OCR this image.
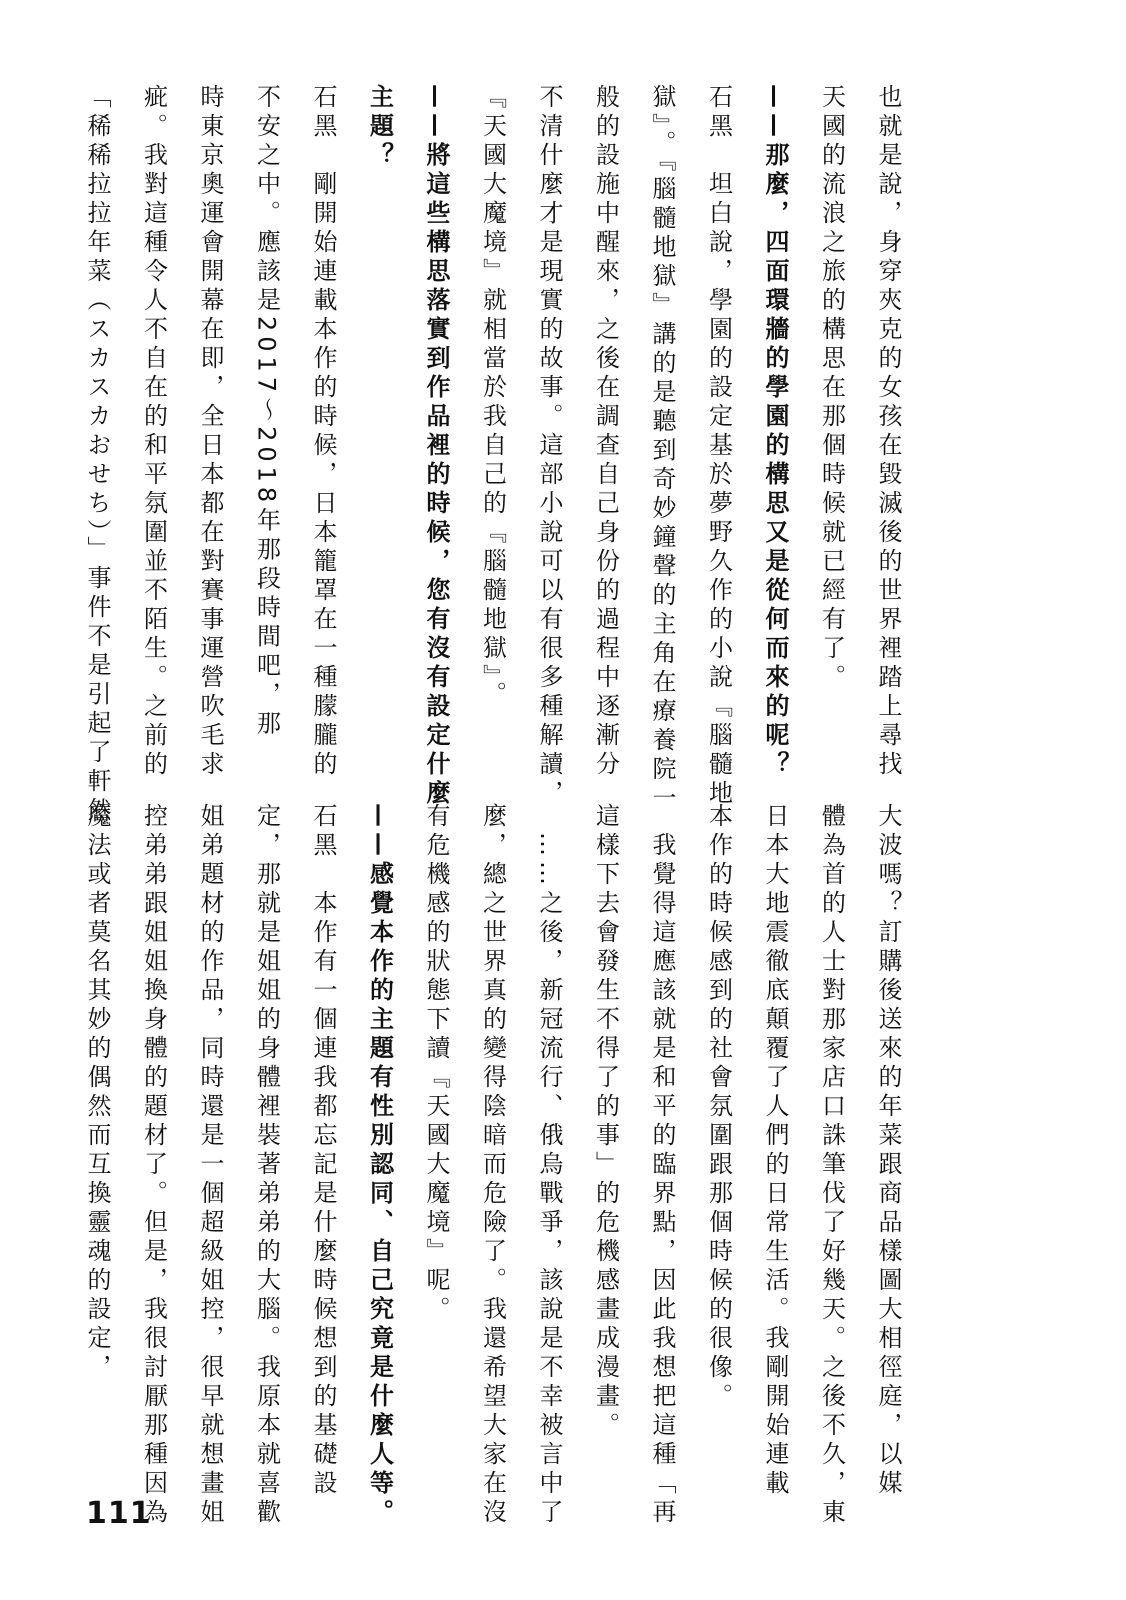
也就是說，身穿夾克的女孩在毀滅後的世界裡踏上尋找
天國的流浪之旅的構思在那個時候就已經有了。
——那麼，四面環牆的學園的構思又是從何而來的呢？
石黑　坦白說，學園的設定基於夢野久作的小說『腦髓地
獄』。『腦髓地獄』講的是聽到奇妙鐘聲的主角在療養院一
般的設施中醒來，之後在調查自己身份的過程中逐漸分
不清什麼才是現實的故事。這部小說可以有很多種解讀，
『天國大魔境』就相當於我自己的『腦髓地獄』。
——將這些構思落實到作品裡的時候，您有沒有設定什麼
主題？
石黑　剛開始連載本作的時候，日本籠罩在一種朦朧的
不安之中。應該是2017～2018年那段時間吧，那
時東京奧運會開幕在即，全日本都在對賽事運營吹毛求
疵。我對這種令人不自在的和平氛圍並不陌生。之前的
「稀稀拉拉年菜（スカスカおせち）」事件不是引起了軒然
大波嗎？訂購後送來的年菜跟商品樣圖大相徑庭，以媒
體為首的人士對那家店口誅筆伐了好幾天。之後不久，東
日本大地震徹底顛覆了人們的日常生活。我剛開始連載
本作的時候感到的社會氛圍跟那個時候的很像。
　我覺得這應該就是和平的臨界點，因此我想把這種「再
這樣下去會發生不得了的事」的危機感畫成漫畫。
　……之後，新冠流行、俄烏戰爭，該說是不幸被言中了
麼，總之世界真的變得陰暗而危險了。我還希望大家在沒
有危機感的狀態下讀『天國大魔境』呢。
——感覺本作的主題有性別認同、自己究竟是什麼人等。
石黑　本作有一個連我都忘記是什麼時候想到的基礎設
定，那就是姐姐的身體裡裝著弟弟的大腦。我原本就喜歡
姐弟題材的作品，同時還是一個超級姐控，很早就想畫姐
控弟弟跟姐姐換身體的題材了。但是，我很討厭那種因為
魔法或者莫名其妙的偶然而互換靈魂的設定，
111
